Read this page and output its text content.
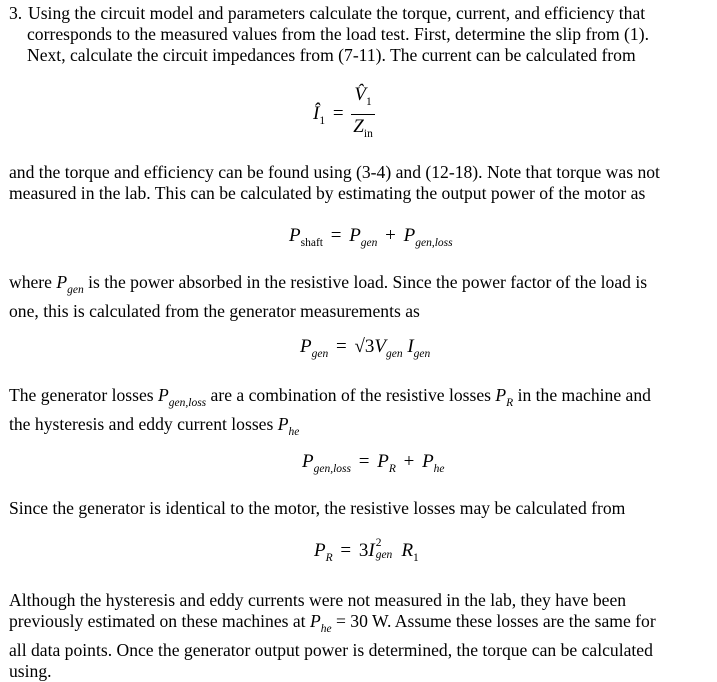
3. Using the circuit model and parameters calculate the torque, current, and efficiency that
corresponds to the measured values from the load test. First, determine the slip from (1).
Next, calculate the circuit impedances from (7-11). The current can be calculated from
$Î_1 = \frac{V̂_1}{Z_{in}}$
and the torque and efficiency can be found using (3-4) and (12-18). Note that torque was not
measured in the lab. This can be calculated by estimating the output power of the motor as
$P_{shaft} = P_{gen} + P_{gen,loss}$
where $P_{gen}$ is the power absorbed in the resistive load. Since the power factor of the load is
one, this is calculated from the generator measurements as
$P_{gen} = √3V_{gen}$ $I_{gen}$
The generator losses $P_{gen,loss}$ are a combination of the resistive losses $P_R$ in the machine and
the hysteresis and eddy current losses $P_{he}$
$P_{gen,loss} = P_R + P_{he}$
Since the generator is identical to the motor, the resistive losses may be calculated from
$P_R = 3I$ 2
gen $R_1$
Although the hysteresis and eddy currents were not measured in the lab, they have been
previously estimated on these machines at $P_{he} = 30$ W. Assume these losses are the same for
all data points. Once the generator output power is determined, the torque can be calculated
using.
